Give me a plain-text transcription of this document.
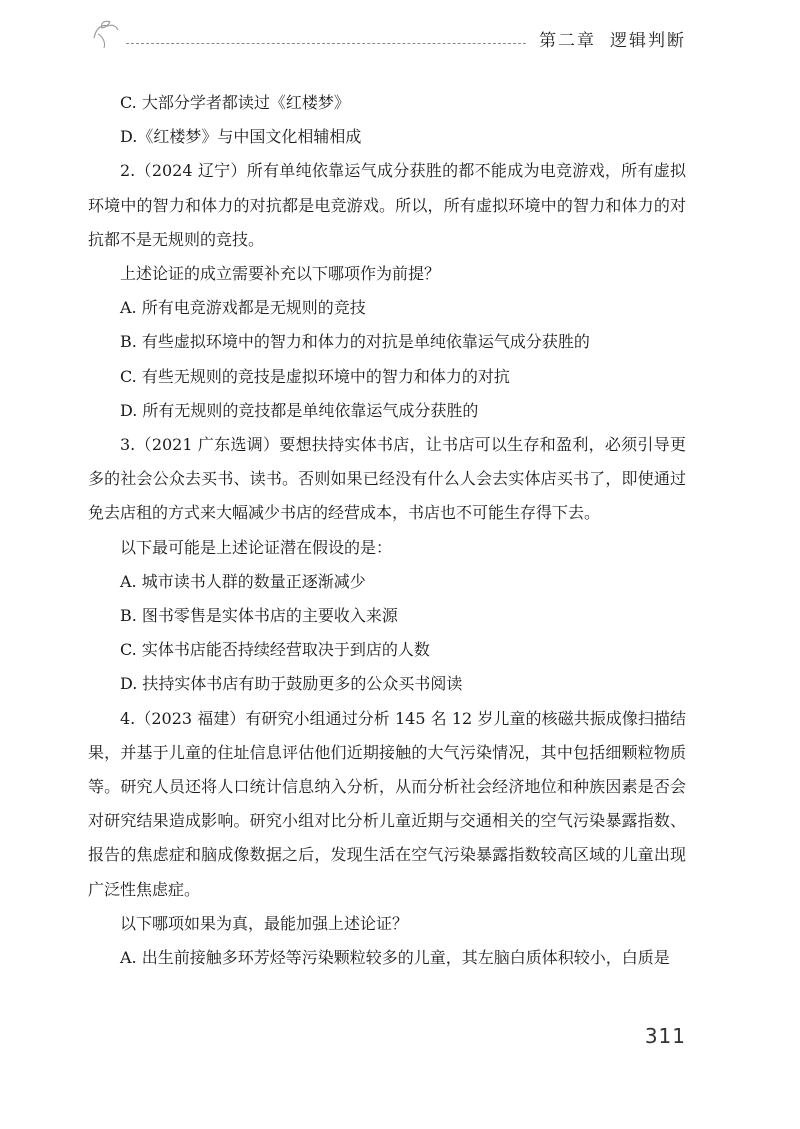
第二章 逻辑判断

C. 大部分学者都读过《红楼梦》

D.《红楼梦》与中国文化相辅相成

2.（2024 辽宁）所有单纯依靠运气成分获胜的都不能成为电竞游戏，所有虚拟环境中的智力和体力的对抗都是电竞游戏。所以，所有虚拟环境中的智力和体力的对抗都不是无规则的竞技。

上述论证的成立需要补充以下哪项作为前提？

A. 所有电竞游戏都是无规则的竞技

B. 有些虚拟环境中的智力和体力的对抗是单纯依靠运气成分获胜的

C. 有些无规则的竞技是虚拟环境中的智力和体力的对抗

D. 所有无规则的竞技都是单纯依靠运气成分获胜的

3.（2021 广东选调）要想扶持实体书店，让书店可以生存和盈利，必须引导更多的社会公众去买书、读书。否则如果已经没有什么人会去实体店买书了，即使通过免去店租的方式来大幅减少书店的经营成本，书店也不可能生存得下去。

以下最可能是上述论证潜在假设的是：

A. 城市读书人群的数量正逐渐减少

B. 图书零售是实体书店的主要收入来源

C. 实体书店能否持续经营取决于到店的人数

D. 扶持实体书店有助于鼓励更多的公众买书阅读

4.（2023 福建）有研究小组通过分析 145 名 12 岁儿童的核磁共振成像扫描结果，并基于儿童的住址信息评估他们近期接触的大气污染情况，其中包括细颗粒物质等。研究人员还将人口统计信息纳入分析，从而分析社会经济地位和种族因素是否会对研究结果造成影响。研究小组对比分析儿童近期与交通相关的空气污染暴露指数、报告的焦虑症和脑成像数据之后，发现生活在空气污染暴露指数较高区域的儿童出现广泛性焦虑症。

以下哪项如果为真，最能加强上述论证？

A. 出生前接触多环芳烃等污染颗粒较多的儿童，其左脑白质体积较小，白质是

311
